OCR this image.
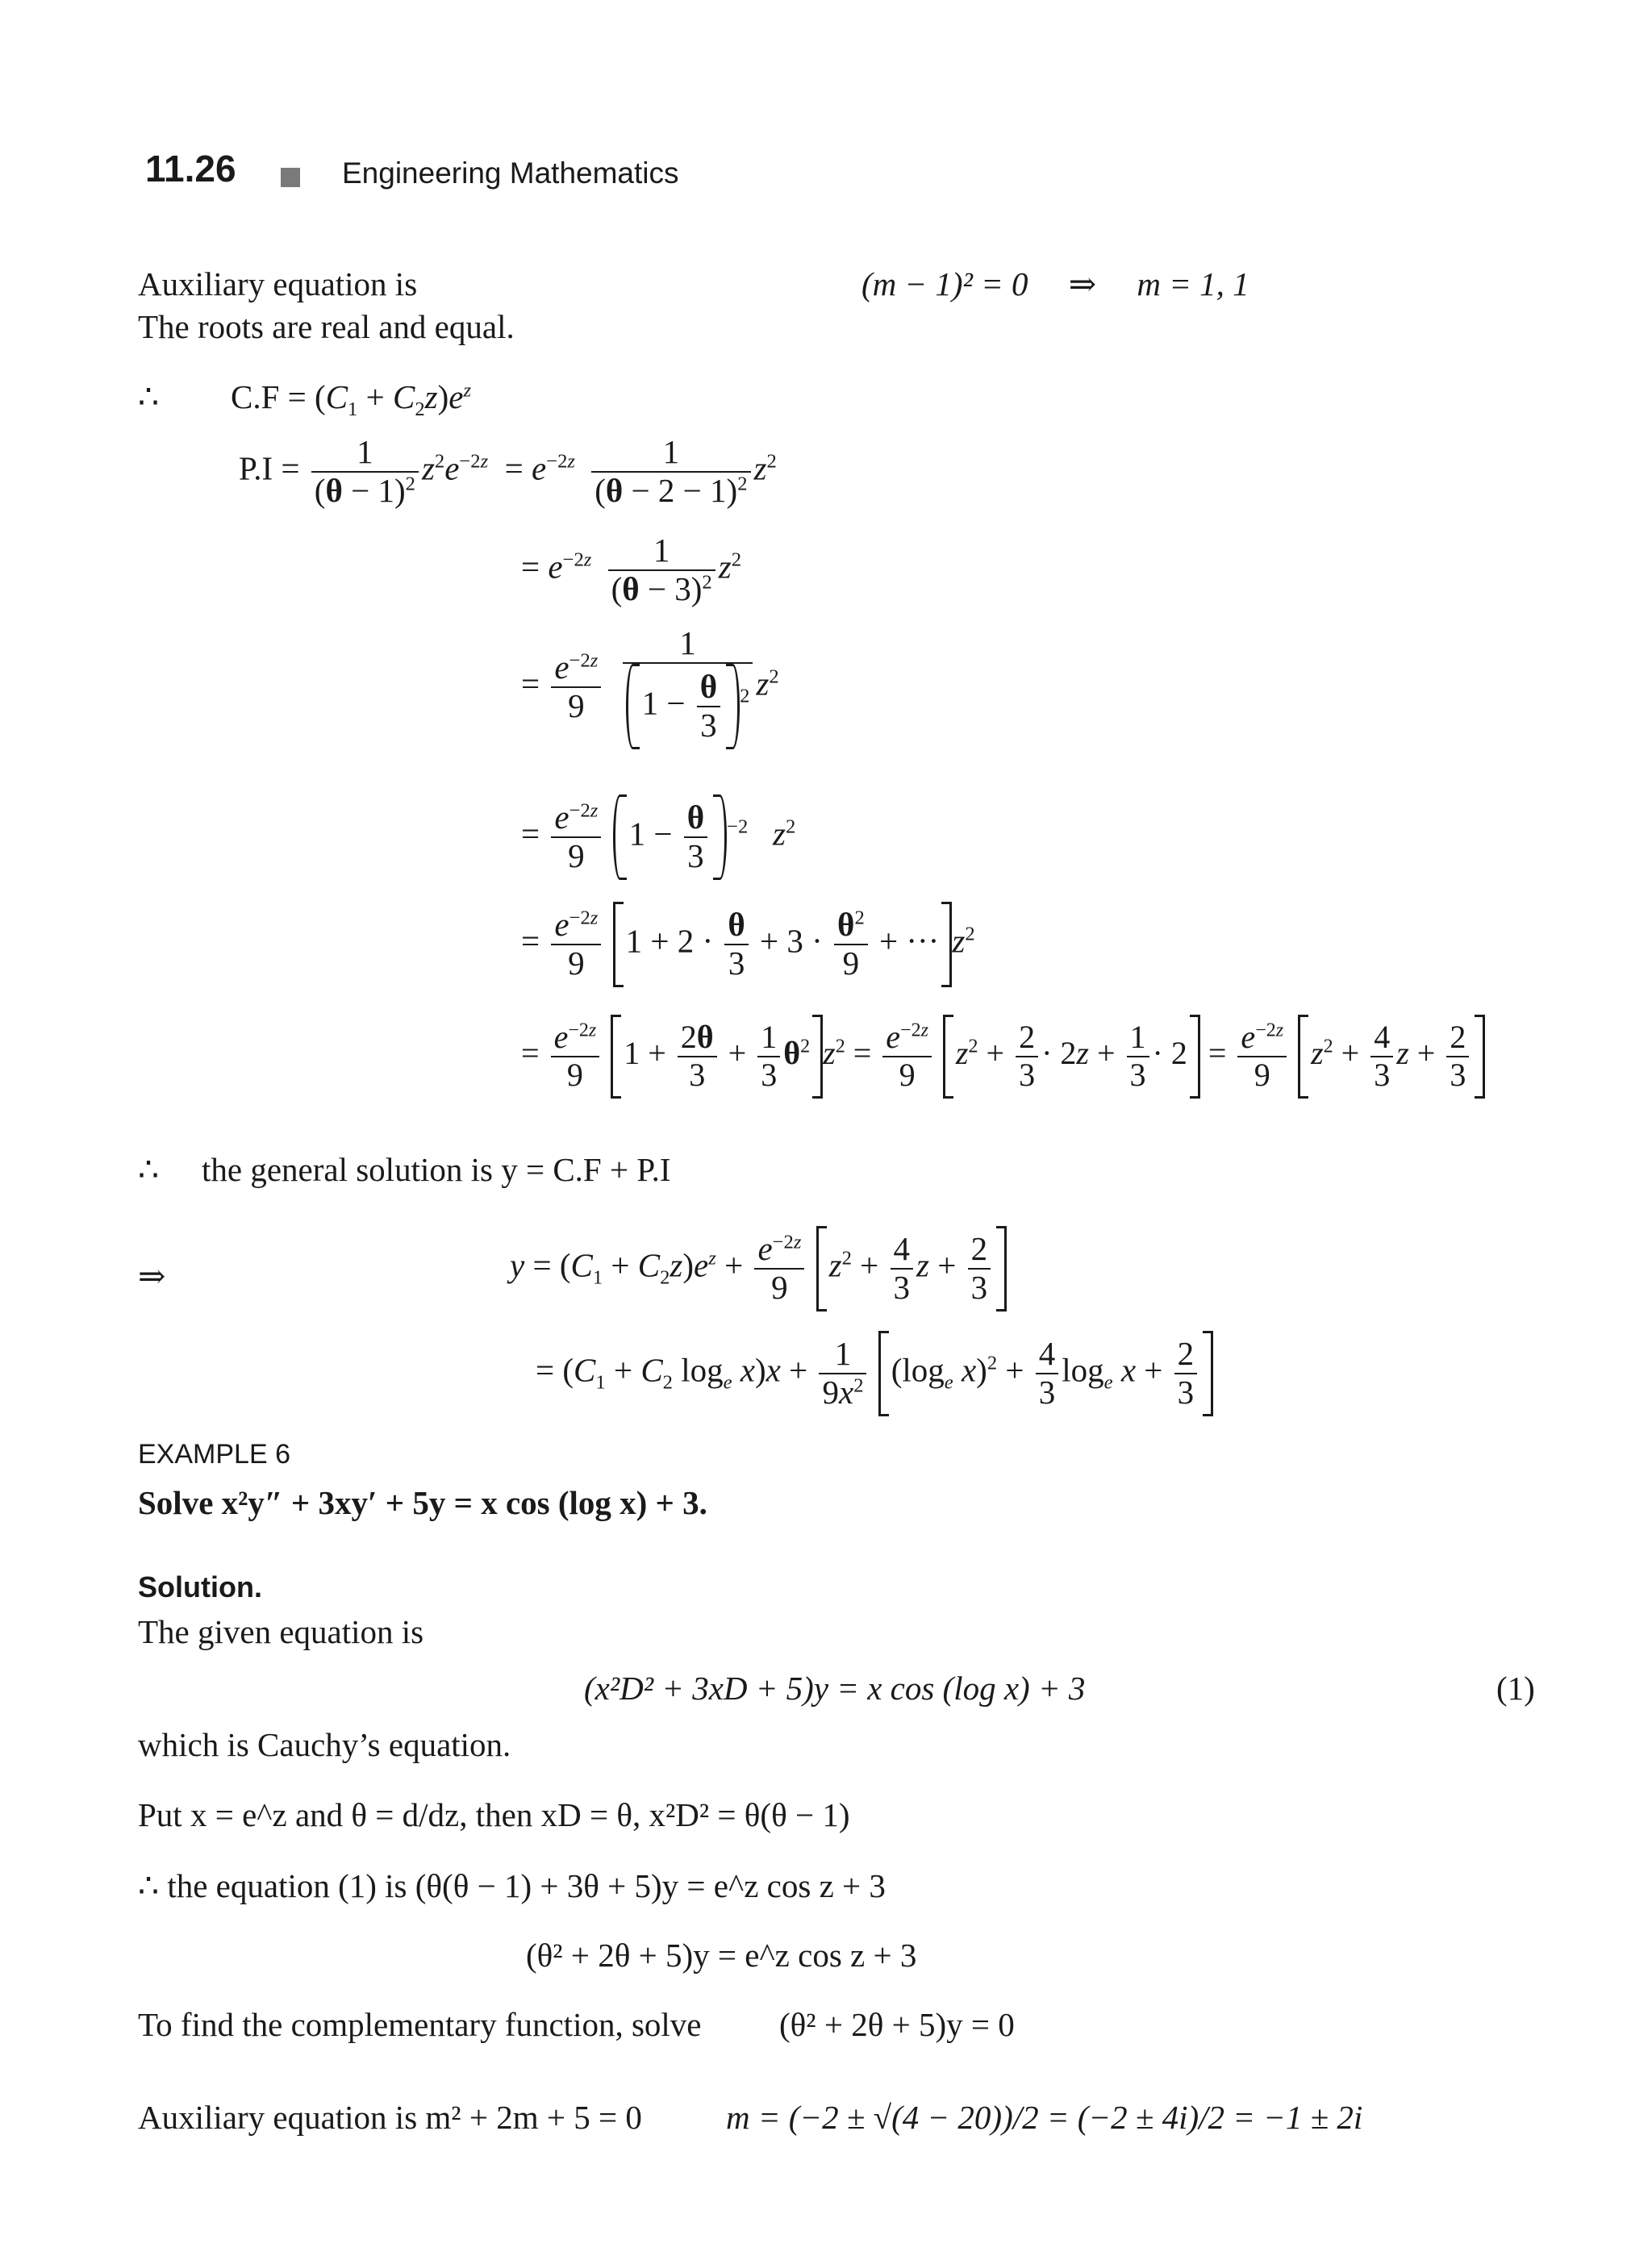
11.26	Engineering Mathematics
Auxiliary equation is	(m − 1)² = 0 ⇒ m = 1, 1
The roots are real and equal.
∴ $C.F = (C_1 + C_2z)e^z$
$P.I = \frac{1}{(\theta - 1)^2} z^2e^{-2z} = e^{-2z} \frac{1}{(\theta - 2 - 1)^2} z^2$
= $e^{-2z} \frac{1}{(\theta - 3)^2} z^2$
= $\frac{e^{-2z}}{9}$
$\frac{1}{1 - \frac{\theta}{3} ^2} z^2$
= $\frac{e^{-2z}}{9} 1 - \frac{\theta}{3} ^{-2}$ $z^2$
= $\frac{e^{-2z}}{9} 1 + 2 \cdot \frac{\theta}{3} + 3 \cdot \frac{\theta^2}{9}$ + ··· $z^2$
= $\frac{e^{-2z}}{9} 1 + \frac{2\theta}{3} + \frac{1}{3} \theta^2$ $z^2 = \frac{e^{-2z}}{9} z^2 + \frac{2}{3} \cdot 2z + \frac{1}{3} \cdot 2 = \frac{e^{-2z}}{9} z^2 + \frac{4}{3}$ $z + \frac{2}{3}$
∴ the general solution is y = C.F + P.I
⇒	$y = (C_1 + C_2z)e^z + \frac{e^{-2z}}{9} z^2 + \frac{4}{3}$ $z + \frac{2}{3}$
= ($C_1 + C_2$ $\log_e x)x + \frac{1}{9x^2} (\log_e$ $x)^2 + \frac{4}{3} \log_e x + \frac{2}{3}$
EXAMPLE 6
Solve x²y″ + 3xy′ + 5y = x cos (log x) + 3.
Solution.
The given equation is
(x²D² + 3xD + 5)y = x cos (log x) + 3	(1)
which is Cauchy’s equation.
Put x = e^z and θ = d/dz, then xD = θ, x²D² = θ(θ − 1)
∴ the equation (1) is (θ(θ − 1) + 3θ + 5)y = e^z cos z + 3
(θ² + 2θ + 5)y = e^z cos z + 3
To find the complementary function, solve (θ² + 2θ + 5)y = 0
Auxiliary equation is m² + 2m + 5 = 0	m = (−2 ± √(4 − 20))/2 = (−2 ± 4i)/2 = −1 ± 2i
